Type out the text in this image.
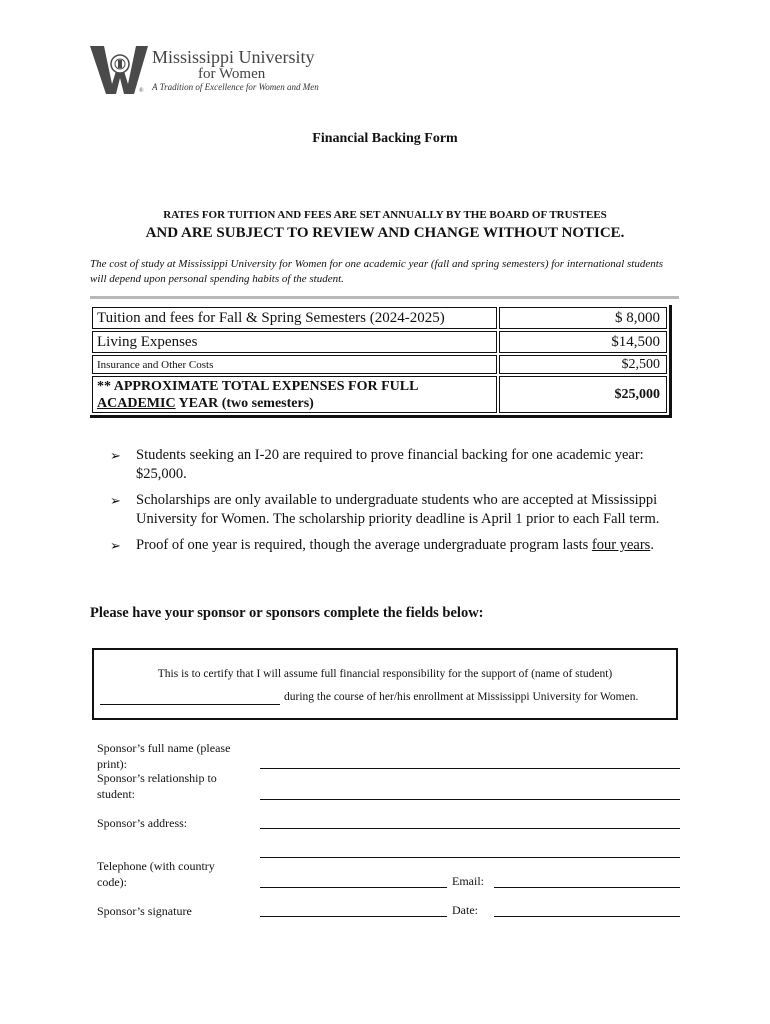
Mississippi University
for Women
A Tradition of Excellence for Women and Men
®
Financial Backing Form
RATES FOR TUITION AND FEES ARE SET ANNUALLY BY THE BOARD OF TRUSTEES
AND ARE SUBJECT TO REVIEW AND CHANGE WITHOUT NOTICE.
The cost of study at Mississippi University for Women for one academic year (fall and spring semesters) for international students will depend upon personal spending habits of the student.
Tuition and fees for Fall & Spring Semesters (2024-2025)	$ 8,000
Living Expenses	$14,500
Insurance and Other Costs	$2,500
** APPROXIMATE TOTAL EXPENSES FOR FULL
ACADEMIC YEAR (two semesters)	$25,000
➢ Students seeking an I-20 are required to prove financial backing for one academic year: $25,000.
➢ Scholarships are only available to undergraduate students who are accepted at Mississippi University for Women. The scholarship priority deadline is April 1 prior to each Fall term.
➢ Proof of one year is required, though the average undergraduate program lasts four years.
Please have your sponsor or sponsors complete the fields below:
This is to certify that I will assume full financial responsibility for the support of (name of student)
during the course of her/his enrollment at Mississippi University for Women.
Sponsor’s full name (please print):
Sponsor’s relationship to student:
Sponsor’s address:
Telephone (with country code):	Email:
Sponsor’s signature	Date:
